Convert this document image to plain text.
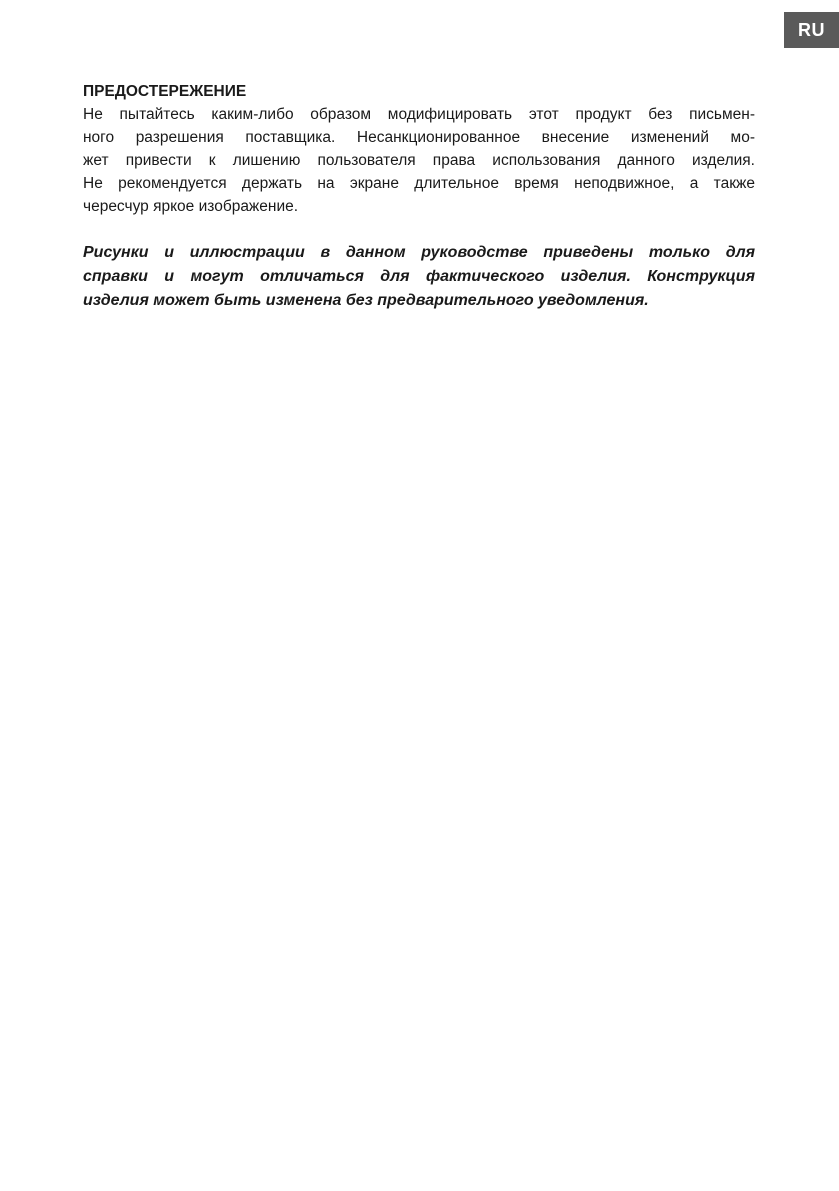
RU

ПРЕДОСТЕРЕЖЕНИЕ

Не пытайтесь каким-либо образом модифицировать этот продукт без письмен-

ного разрешения поставщика. Несанкционированное внесение изменений мо-

жет привести к лишению пользователя права использования данного изделия.

Не рекомендуется держать на экране длительное время неподвижное, а также

чересчур яркое изображение.

Рисунки и иллюстрации в данном руководстве приведены только для

справки и могут отличаться для фактического изделия. Конструкция

изделия может быть изменена без предварительного уведомления.
